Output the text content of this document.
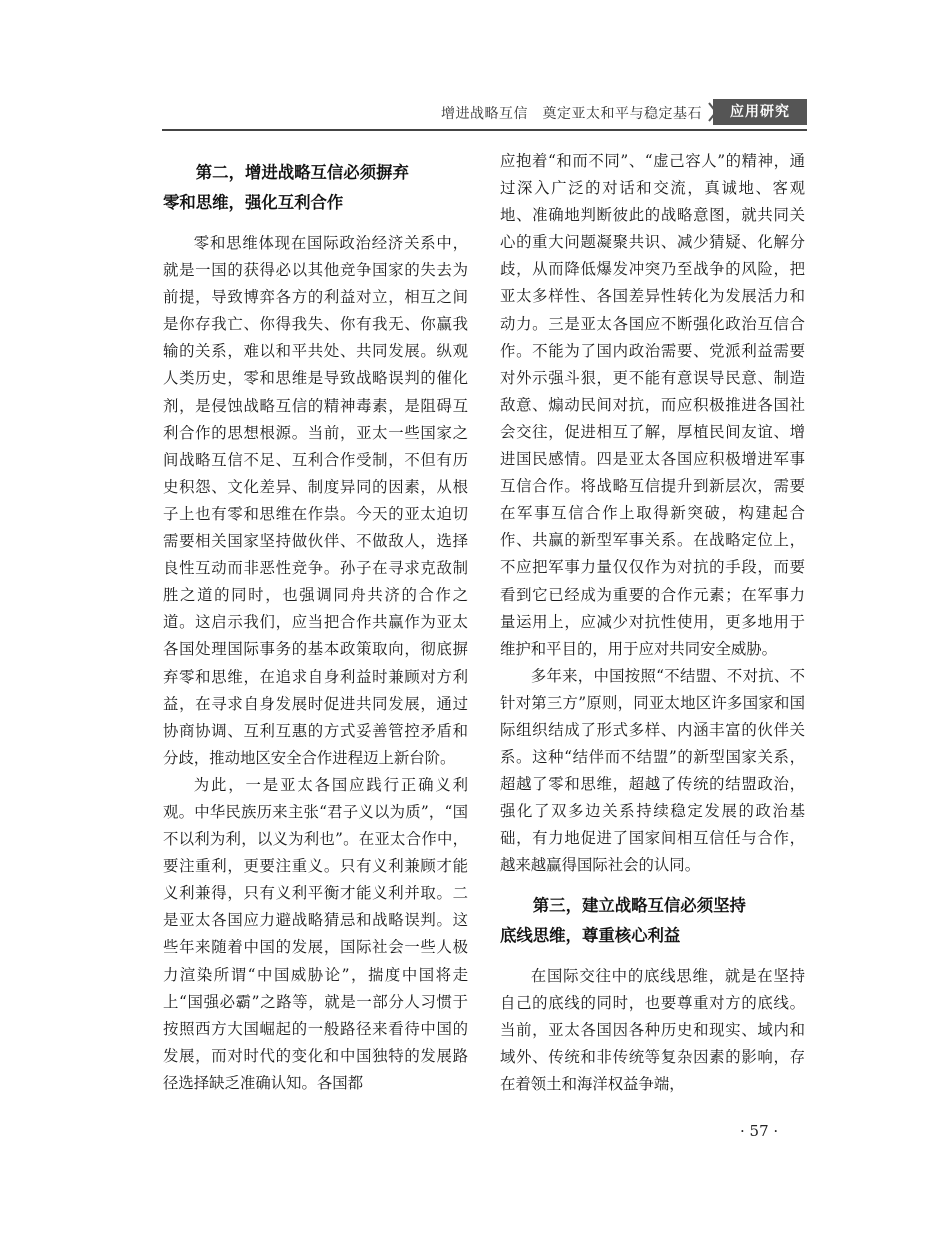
增进战略互信　奠定亚太和平与稳定基石	应用研究
第二，增进战略互信必须摒弃
零和思维，强化互利合作

零和思维体现在国际政治经济关系中，就是一国的获得必以其他竞争国家的失去为前提，导致博弈各方的利益对立，相互之间是你存我亡、你得我失、你有我无、你赢我输的关系，难以和平共处、共同发展。纵观人类历史，零和思维是导致战略误判的催化剂，是侵蚀战略互信的精神毒素，是阻碍互利合作的思想根源。当前，亚太一些国家之间战略互信不足、互利合作受制，不但有历史积怨、文化差异、制度异同的因素，从根子上也有零和思维在作祟。今天的亚太迫切需要相关国家坚持做伙伴、不做敌人，选择良性互动而非恶性竞争。孙子在寻求克敌制胜之道的同时，也强调同舟共济的合作之道。这启示我们，应当把合作共赢作为亚太各国处理国际事务的基本政策取向，彻底摒弃零和思维，在追求自身利益时兼顾对方利益，在寻求自身发展时促进共同发展，通过协商协调、互利互惠的方式妥善管控矛盾和分歧，推动地区安全合作进程迈上新台阶。

为此，一是亚太各国应践行正确义利观。中华民族历来主张“君子义以为质”，“国不以利为利，以义为利也”。在亚太合作中，要注重利，更要注重义。只有义利兼顾才能义利兼得，只有义利平衡才能义利并取。二是亚太各国应力避战略猜忌和战略误判。这些年来随着中国的发展，国际社会一些人极力渲染所谓“中国威胁论”，揣度中国将走上“国强必霸”之路等，就是一部分人习惯于按照西方大国崛起的一般路径来看待中国的发展，而对时代的变化和中国独特的发展路径选择缺乏准确认知。各国都

应抱着“和而不同”、“虚己容人”的精神，通过深入广泛的对话和交流，真诚地、客观地、准确地判断彼此的战略意图，就共同关心的重大问题凝聚共识、减少猜疑、化解分歧，从而降低爆发冲突乃至战争的风险，把亚太多样性、各国差异性转化为发展活力和动力。三是亚太各国应不断强化政治互信合作。不能为了国内政治需要、党派利益需要对外示强斗狠，更不能有意误导民意、制造敌意、煽动民间对抗，而应积极推进各国社会交往，促进相互了解，厚植民间友谊、增进国民感情。四是亚太各国应积极增进军事互信合作。将战略互信提升到新层次，需要在军事互信合作上取得新突破，构建起合作、共赢的新型军事关系。在战略定位上，不应把军事力量仅仅作为对抗的手段，而要看到它已经成为重要的合作元素；在军事力量运用上，应减少对抗性使用，更多地用于维护和平目的，用于应对共同安全威胁。

多年来，中国按照“不结盟、不对抗、不针对第三方”原则，同亚太地区许多国家和国际组织结成了形式多样、内涵丰富的伙伴关系。这种“结伴而不结盟”的新型国家关系，超越了零和思维，超越了传统的结盟政治，强化了双多边关系持续稳定发展的政治基础，有力地促进了国家间相互信任与合作，越来越赢得国际社会的认同。

第三，建立战略互信必须坚持
底线思维，尊重核心利益

在国际交往中的底线思维，就是在坚持自己的底线的同时，也要尊重对方的底线。当前，亚太各国因各种历史和现实、域内和域外、传统和非传统等复杂因素的影响，存在着领土和海洋权益争端，

· 57 ·
